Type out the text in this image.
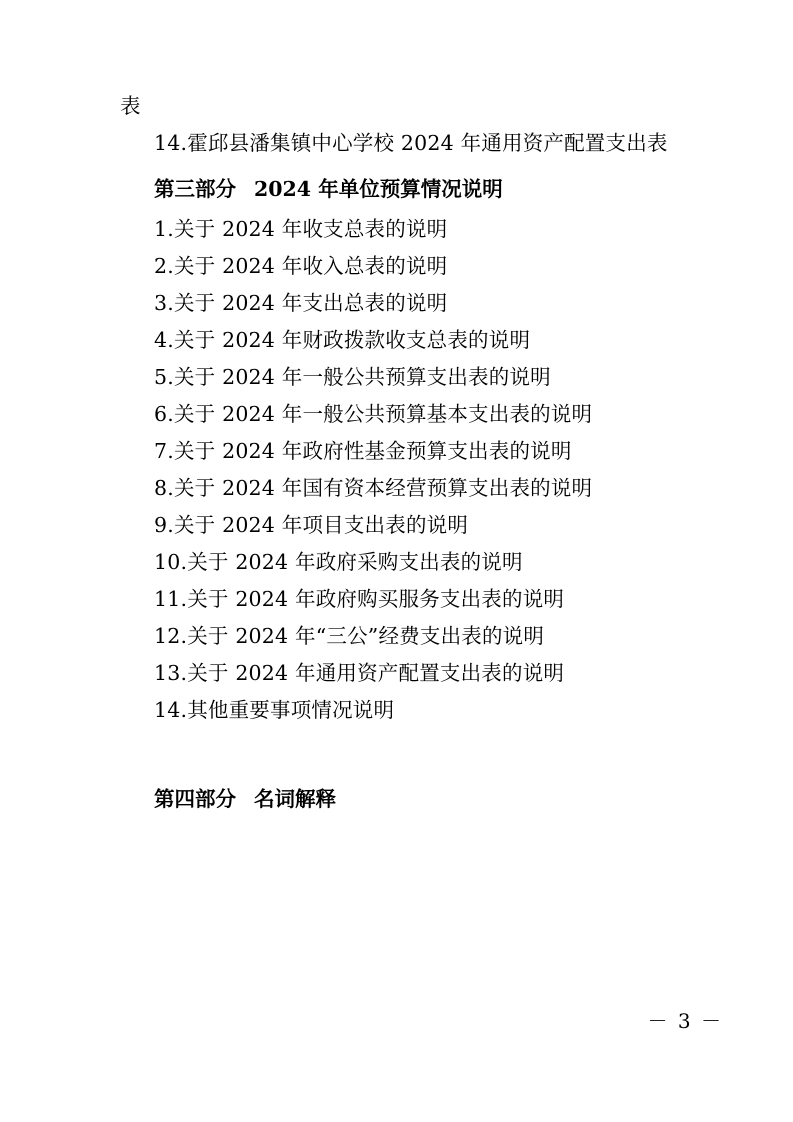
表
14.霍邱县潘集镇中心学校 2024 年通用资产配置支出表
第三部分 2024 年单位预算情况说明
1.关于 2024 年收支总表的说明
2.关于 2024 年收入总表的说明
3.关于 2024 年支出总表的说明
4.关于 2024 年财政拨款收支总表的说明
5.关于 2024 年一般公共预算支出表的说明
6.关于 2024 年一般公共预算基本支出表的说明
7.关于 2024 年政府性基金预算支出表的说明
8.关于 2024 年国有资本经营预算支出表的说明
9.关于 2024 年项目支出表的说明
10.关于 2024 年政府采购支出表的说明
11.关于 2024 年政府购买服务支出表的说明
12.关于 2024 年“三公”经费支出表的说明
13.关于 2024 年通用资产配置支出表的说明
14.其他重要事项情况说明
第四部分 名词解释
－ 3 －
